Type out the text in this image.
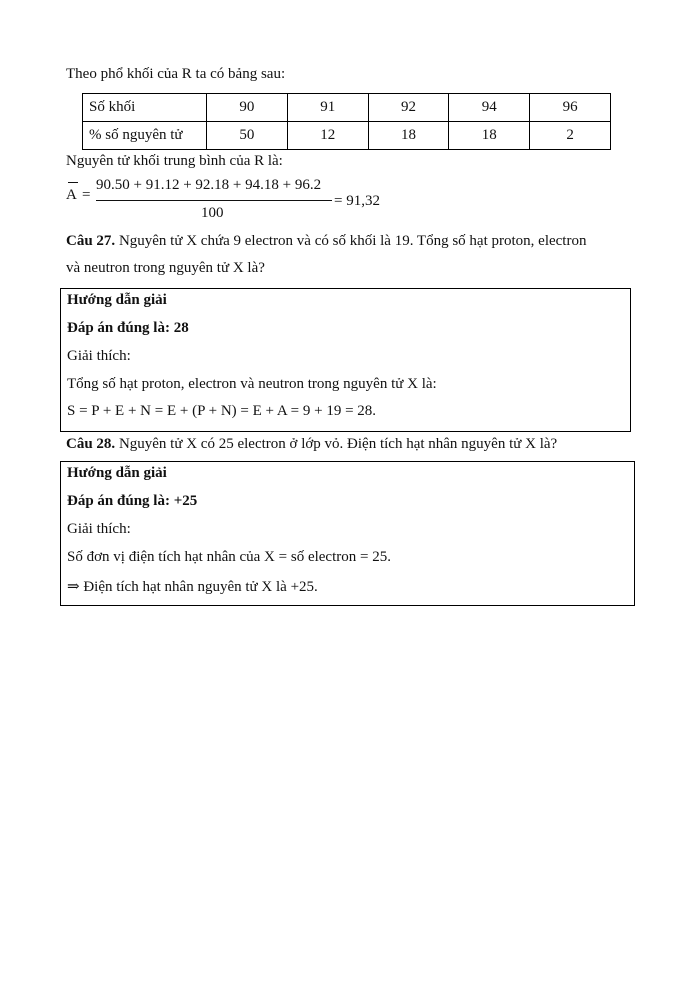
Theo phổ khối của R ta có bảng sau:
Số khối	90	91	92	94	96
% số nguyên tử	50	12	18	18	2
Nguyên tử khối trung bình của R là:
A =
90.50 + 91.12 + 92.18 + 94.18 + 96.2
100
= 91,32
Câu 27. Nguyên tử X chứa 9 electron và có số khối là 19. Tổng số hạt proton, electron
và neutron trong nguyên tử X là?
Hướng dẫn giải
Đáp án đúng là: 28
Giải thích:
Tổng số hạt proton, electron và neutron trong nguyên tử X là:
S = P + E + N = E + (P + N) = E + A = 9 + 19 = 28.
Câu 28. Nguyên tử X có 25 electron ở lớp vỏ. Điện tích hạt nhân nguyên tử X là?
Hướng dẫn giải
Đáp án đúng là: +25
Giải thích:
Số đơn vị điện tích hạt nhân của X = số electron = 25.
⇒ Điện tích hạt nhân nguyên tử X là +25.
